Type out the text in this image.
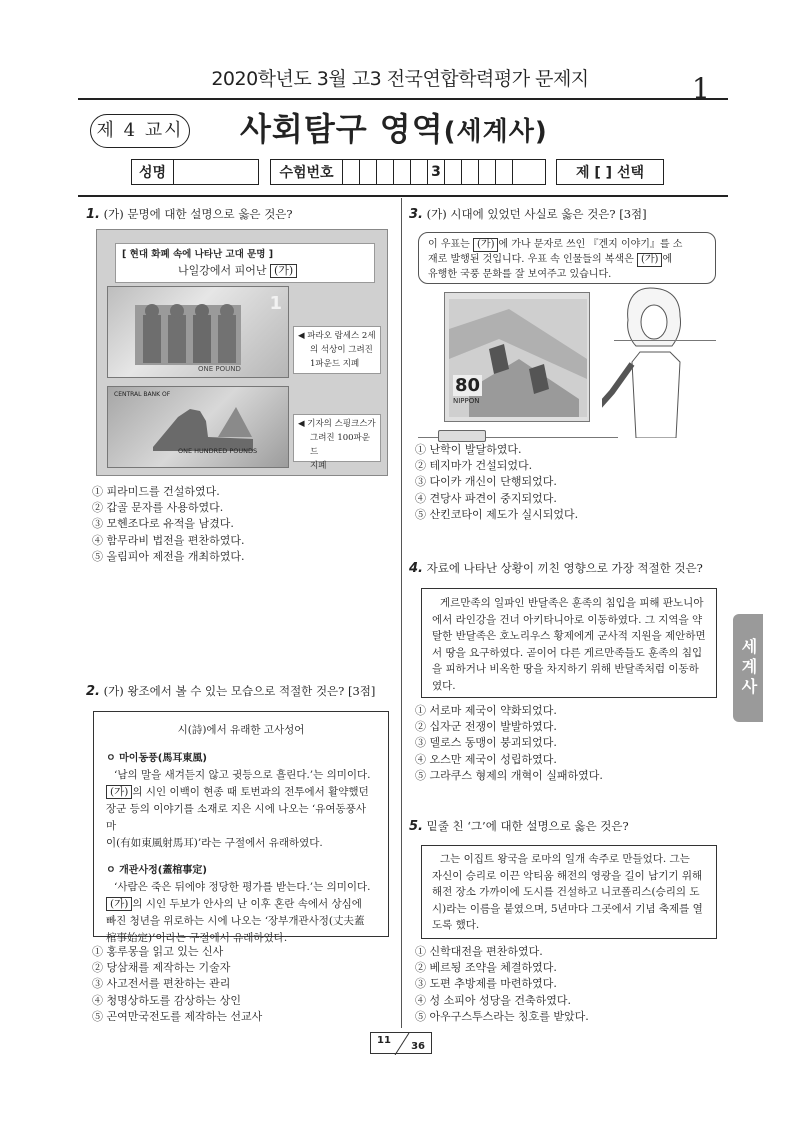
2020학년도 3월 고3 전국연합학력평가 문제지	1
제 4 교시 사회탐구 영역(세계사)
성명	수험번호	3	제 [ ] 선택
세계사
1. (가) 문명에 대한 설명으로 옳은 것은?
[ 현대 화폐 속에 나타난 고대 문명 ]
나일강에서 피어난 (가)
1
ONE POUND
CENTRAL BANK OF
ONE HUNDRED POUNDS
◀ 파라오 람세스 2세
의 석상이 그려진
1파운드 지폐
◀ 기자의 스핑크스가
그려진 100파운드
지폐
① 피라미드를 건설하였다.
② 갑골 문자를 사용하였다.
③ 모헨조다로 유적을 남겼다.
④ 함무라비 법전을 편찬하였다.
⑤ 올림피아 제전을 개최하였다.
2. (가) 왕조에서 볼 수 있는 모습으로 적절한 것은? [3점]
시(詩)에서 유래한 고사성어
ㅇ 마이동풍(馬耳東風)
‘남의 말을 새겨듣지 않고 귓등으로 흘린다.’는 의미이다.
(가) 의 시인 이백이 현종 때 토번과의 전투에서 활약했던
장군 등의 이야기를 소재로 지은 시에 나오는 ‘유여동풍사마
이(有如東風射馬耳)’라는 구절에서 유래하였다.
ㅇ 개관사정(蓋棺事定)
‘사람은 죽은 뒤에야 정당한 평가를 받는다.’는 의미이다.
(가) 의 시인 두보가 안사의 난 이후 혼란 속에서 상심에
빠진 청년을 위로하는 시에 나오는 ‘장부개관사정(丈夫蓋
棺事始定)’이라는 구절에서 유래하였다.
① 홍루몽을 읽고 있는 신사
② 당삼채를 제작하는 기술자
③ 사고전서를 편찬하는 관리
④ 청명상하도를 감상하는 상인
⑤ 곤여만국전도를 제작하는 선교사
3. (가) 시대에 있었던 사실로 옳은 것은? [3점]
이 우표는 (가) 에 가나 문자로 쓰인 『겐지 이야기』를 소
재로 발행된 것입니다. 우표 속 인물들의 복색은 (가) 에
유행한 국풍 문화를 잘 보여주고 있습니다.
80
NIPPON
① 난학이 발달하였다.
② 테지마가 건설되었다.
③ 다이카 개신이 단행되었다.
④ 견당사 파견이 중지되었다.
⑤ 산킨코타이 제도가 실시되었다.
4. 자료에 나타난 상황이 끼친 영향으로 가장 적절한 것은?
게르만족의 일파인 반달족은 훈족의 침입을 피해 판노니아
에서 라인강을 건너 아키타니아로 이동하였다. 그 지역을 약
탈한 반달족은 호노리우스 황제에게 군사적 지원을 제안하면
서 땅을 요구하였다. 곧이어 다른 게르만족들도 훈족의 침입
을 피하거나 비옥한 땅을 차지하기 위해 반달족처럼 이동하
였다.
① 서로마 제국이 약화되었다.
② 십자군 전쟁이 발발하였다.
③ 델로스 동맹이 붕괴되었다.
④ 오스만 제국이 성립하였다.
⑤ 그라쿠스 형제의 개혁이 실패하였다.
5. 밑줄 친 ‘그’에 대한 설명으로 옳은 것은?
그는 이집트 왕국을 로마의 일개 속주로 만들었다. 그는
자신이 승리로 이끈 악티움 해전의 영광을 길이 남기기 위해
해전 장소 가까이에 도시를 건설하고 니코폴리스(승리의 도
시)라는 이름을 붙였으며, 5년마다 그곳에서 기념 축제를 열
도록 했다.
① 신학대전을 편찬하였다.
② 베르됭 조약을 체결하였다.
③ 도편 추방제를 마련하였다.
④ 성 소피아 성당을 건축하였다.
⑤ 아우구스투스라는 칭호를 받았다.
11
36
